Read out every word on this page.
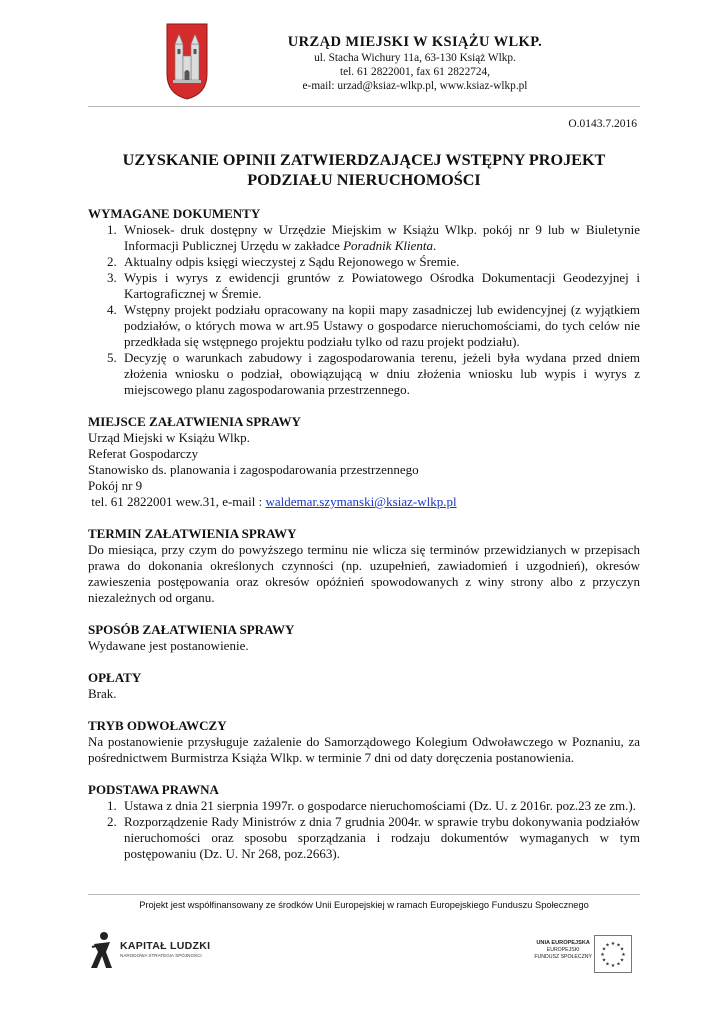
URZĄD MIEJSKI W KSIĄŻU WLKP.
ul. Stacha Wichury 11a, 63-130 Książ Wlkp.
tel. 61 2822001, fax 61 2822724,
e-mail: urzad@ksiaz-wlkp.pl, www.ksiaz-wlkp.pl
O.0143.7.2016
UZYSKANIE OPINII ZATWIERDZAJĄCEJ WSTĘPNY PROJEKT
PODZIAŁU NIERUCHOMOŚCI

WYMAGANE DOKUMENTY

1. Wniosek- druk dostępny w Urzędzie Miejskim w Książu Wlkp. pokój nr 9 lub w Biuletynie Informacji Publicznej Urzędu w zakładce Poradnik Klienta.
2. Aktualny odpis księgi wieczystej z Sądu Rejonowego w Śremie.
3. Wypis i wyrys z ewidencji gruntów z Powiatowego Ośrodka Dokumentacji Geodezyjnej i Kartograficznej w Śremie.
4. Wstępny projekt podziału opracowany na kopii mapy zasadniczej lub ewidencyjnej (z wyjątkiem podziałów, o których mowa w art.95 Ustawy o gospodarce nieruchomościami, do tych celów nie przedkłada się wstępnego projektu podziału tylko od razu projekt podziału).
5. Decyzję o warunkach zabudowy i zagospodarowania terenu, jeżeli była wydana przed dniem złożenia wniosku o podział, obowiązującą w dniu złożenia wniosku lub wypis i wyrys z miejscowego planu zagospodarowania przestrzennego.

MIEJSCE ZAŁATWIENIA SPRAWY

Urząd Miejski w Książu Wlkp.

Referat Gospodarczy

Stanowisko ds. planowania i zagospodarowania przestrzennego

Pokój nr 9

tel. 61 2822001 wew.31, e-mail : waldemar.szymanski@ksiaz-wlkp.pl

TERMIN ZAŁATWIENIA SPRAWY

Do miesiąca, przy czym do powyższego terminu nie wlicza się terminów przewidzianych w przepisach prawa do dokonania określonych czynności (np. uzupełnień, zawiadomień i uzgodnień), okresów zawieszenia postępowania oraz okresów opóźnień spowodowanych z winy strony albo z przyczyn niezależnych od organu.

SPOSÓB ZAŁATWIENIA SPRAWY

Wydawane jest postanowienie.

OPŁATY

Brak.

TRYB ODWOŁAWCZY

Na postanowienie przysługuje zażalenie do Samorządowego Kolegium Odwoławczego w Poznaniu, za pośrednictwem Burmistrza Książa Wlkp. w terminie 7 dni od daty doręczenia postanowienia.

PODSTAWA PRAWNA

1. Ustawa z dnia 21 sierpnia 1997r. o gospodarce nieruchomościami (Dz. U. z 2016r. poz.23 ze zm.).
2. Rozporządzenie Rady Ministrów z dnia 7 grudnia 2004r. w sprawie trybu dokonywania podziałów nieruchomości oraz sposobu sporządzania i rodzaju dokumentów wymaganych w tym postępowaniu (Dz. U. Nr 268, poz.2663).
Projekt jest współfinansowany ze środków Unii Europejskiej w ramach Europejskiego Funduszu Społecznego
KAPITAŁ LUDZKI
NARODOWA STRATEGIA SPÓJNOŚCI
UNIA EUROPEJSKA
EUROPEJSKI
FUNDUSZ SPOŁECZNY
★ ★
★
★
★
★
★
★
★
★
★
★
